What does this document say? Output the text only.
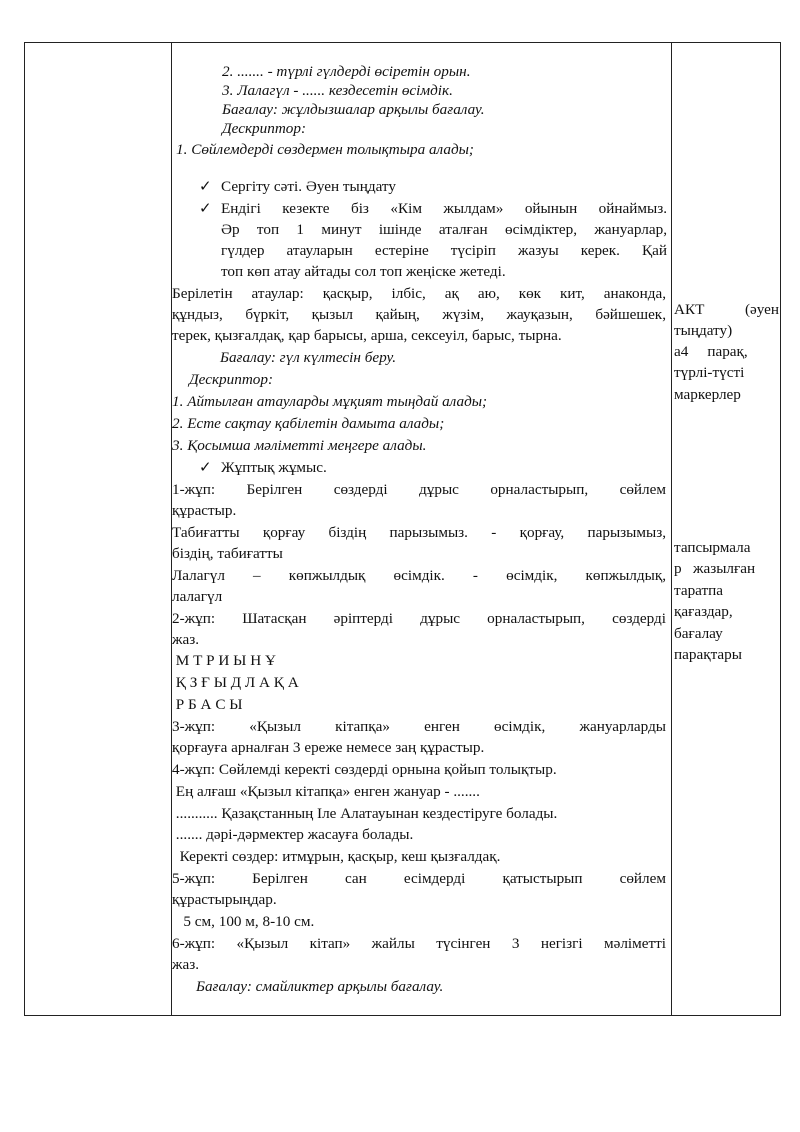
2. ....... - түрлі гүлдерді өсіретін орын.
3. Лалагүл - ...... кездесетін өсімдік.
Бағалау: жұлдызшалар арқылы бағалау.
Дескриптор:
1. Сөйлемдерді сөздермен толықтыра алады;
✓ Сергіту сәті. Әуен тыңдату
✓ Ендігі кезекте біз «Кім жылдам» ойынын ойнаймыз.
Әр топ 1 минут ішінде аталған өсімдіктер, жануарлар,
гүлдер атауларын естеріне түсіріп жазуы керек. Қай
топ көп атау айтады сол топ жеңіске жетеді.
Берілетін атаулар: қасқыр, ілбіс, ақ аю, көк кит, анаконда,
құндыз, бүркіт, қызыл қайың, жүзім, жауқазын, бәйшешек,
терек, қызғалдақ, қар барысы, арша, сексеуіл, барыс, тырна.
Бағалау: гүл күлтесін беру.
Дескриптор:
1. Айтылған атауларды мұқият тыңдай алады;
2. Есте сақтау қабілетін дамыта алады;
3. Қосымша мәліметті меңгере алады.
✓ Жұптық жұмыс.
1-жұп: Берілген сөздерді дұрыс орналастырып, сөйлем
құрастыр.
Табиғатты қорғау біздің парызымыз. - қорғау, парызымыз,
біздің, табиғатты
Лалагүл – көпжылдық өсімдік. - өсімдік, көпжылдық,
лалагүл
2-жұп: Шатасқан әріптерді дұрыс орналастырып, сөздерді
жаз.
М Т Р И Ы Н Ұ
Қ З Ғ Ы Д Л А Қ А
Р Б А С Ы
3-жұп: «Қызыл кітапқа» енген өсімдік, жануарларды
қорғауға арналған 3 ереже немесе заң құрастыр.
4-жұп: Сөйлемді керекті сөздерді орнына қойып толықтыр.
Ең алғаш «Қызыл кітапқа» енген жануар - .......
........... Қазақстанның Іле Алатауынан кездестіруге болады.
....... дәрі-дәрмектер жасауға болады.
Керекті сөздер: итмұрын, қасқыр, кеш қызғалдақ.
5-жұп: Берілген сан есімдерді қатыстырып сөйлем
құрастырыңдар.
5 см, 100 м, 8-10 см.
6-жұп: «Қызыл кітап» жайлы түсінген 3 негізгі мәліметті
жаз.
Бағалау: смайликтер арқылы бағалау.
АКТ   (әуен
тыңдату)
а4     парақ,
түрлі-түсті
маркерлер
тапсырмала
р   жазылған
таратпа
қағаздар,
бағалау
парақтары
